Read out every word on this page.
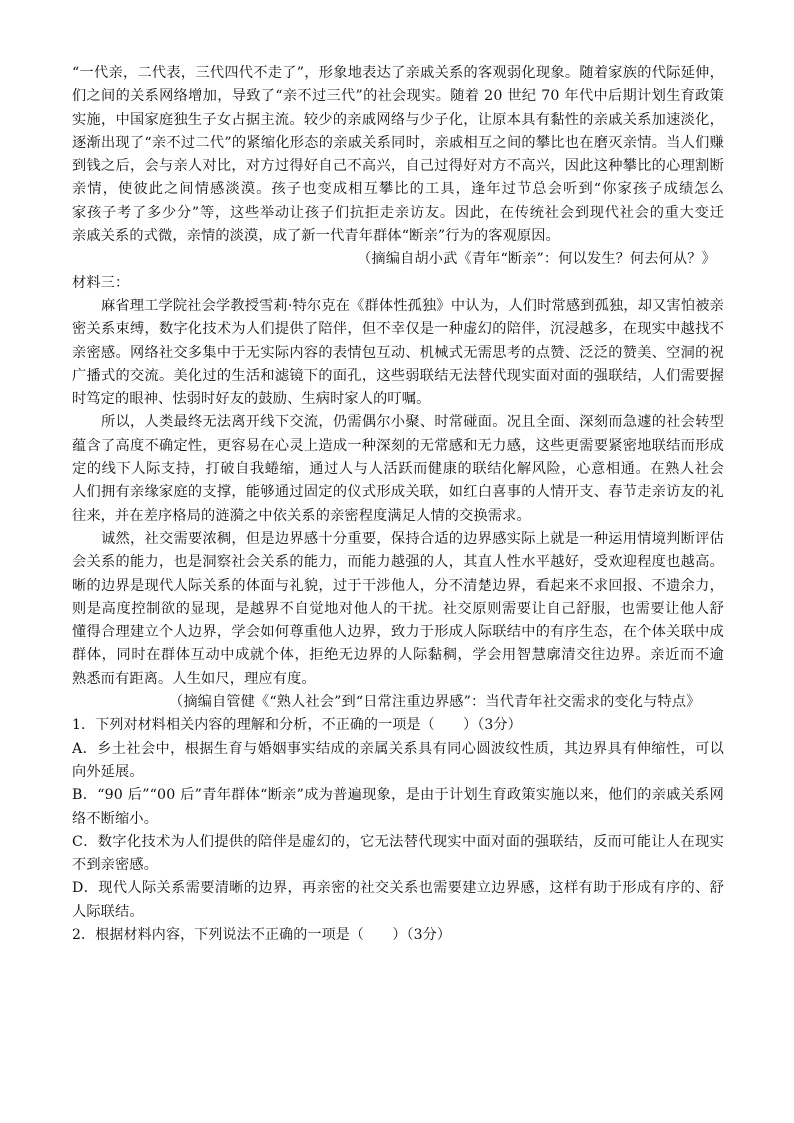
“一代亲，二代表，三代四代不走了”，形象地表达了亲戚关系的客观弱化现象。随着家族的代际延伸，
们之间的关系网络增加，导致了“亲不过三代”的社会现实。随着 20 世纪 70 年代中后期计划生育政策
实施，中国家庭独生子女占据主流。较少的亲戚网络与少子化，让原本具有黏性的亲戚关系加速淡化，
逐渐出现了“亲不过二代”的紧缩化形态的亲戚关系同时，亲戚相互之间的攀比也在磨灭亲情。当人们赚
到钱之后，会与亲人对比，对方过得好自己不高兴，自己过得好对方不高兴，因此这种攀比的心理割断
亲情，使彼此之间情感淡漠。孩子也变成相互攀比的工具，逢年过节总会听到“你家孩子成绩怎么
家孩子考了多少分”等，这些举动让孩子们抗拒走亲访友。因此，在传统社会到现代社会的重大变迁
亲戚关系的式微，亲情的淡漠，成了新一代青年群体“断亲”行为的客观原因。
（摘编自胡小武《青年“断亲”：何以发生？何去何从？》
材料三：
麻省理工学院社会学教授雪莉·特尔克在《群体性孤独》中认为，人们时常感到孤独，却又害怕被亲
密关系束缚，数字化技术为人们提供了陪伴，但不幸仅是一种虚幻的陪伴，沉浸越多，在现实中越找不
亲密感。网络社交多集中于无实际内容的表情包互动、机械式无需思考的点赞、泛泛的赞美、空洞的祝
广播式的交流。美化过的生活和滤镜下的面孔，这些弱联结无法替代现实面对面的强联结，人们需要握
时笃定的眼神、怯弱时好友的鼓励、生病时家人的叮嘱。
所以，人类最终无法离开线下交流，仍需偶尔小聚、时常碰面。况且全面、深刻而急遽的社会转型
蕴含了高度不确定性，更容易在心灵上造成一种深刻的无常感和无力感，这些更需要紧密地联结而形成
定的线下人际支持，打破自我蜷缩，通过人与人活跃而健康的联结化解风险，心意相通。在熟人社会
人们拥有亲缘家庭的支撑，能够通过固定的仪式形成关联，如红白喜事的人情开支、春节走亲访友的礼
往来，并在差序格局的涟漪之中依关系的亲密程度满足人情的交换需求。
诚然，社交需要浓稠，但是边界感十分重要，保持合适的边界感实际上就是一种运用情境判断评估
会关系的能力，也是洞察社会关系的能力，而能力越强的人，其直人性水平越好，受欢迎程度也越高。
晰的边界是现代人际关系的体面与礼貌，过于干涉他人，分不清楚边界，看起来不求回报、不遗余力，
则是高度控制欲的显现，是越界不自觉地对他人的干扰。社交原则需要让自己舒服，也需要让他人舒
懂得合理建立个人边界，学会如何尊重他人边界，致力于形成人际联结中的有序生态，在个体关联中成
群体，同时在群体互动中成就个体，拒绝无边界的人际黏稠，学会用智慧廓清交往边界。亲近而不逾
熟悉而有距离。人生如尺，理应有度。
（摘编自管健《“熟人社会”到“日常注重边界感”：当代青年社交需求的变化与特点》
1．下列对材料相关内容的理解和分析，不正确的一项是（　　）（3分）
A．乡土社会中，根据生育与婚姻事实结成的亲属关系具有同心圆波纹性质，其边界具有伸缩性，可以
向外延展。
B．“90 后”“00 后”青年群体“断亲”成为普遍现象，是由于计划生育政策实施以来，他们的亲戚关系网
络不断缩小。
C．数字化技术为人们提供的陪伴是虚幻的，它无法替代现实中面对面的强联结，反而可能让人在现实
不到亲密感。
D．现代人际关系需要清晰的边界，再亲密的社交关系也需要建立边界感，这样有助于形成有序的、舒
人际联结。
2．根据材料内容，下列说法不正确的一项是（　　）（3分）
